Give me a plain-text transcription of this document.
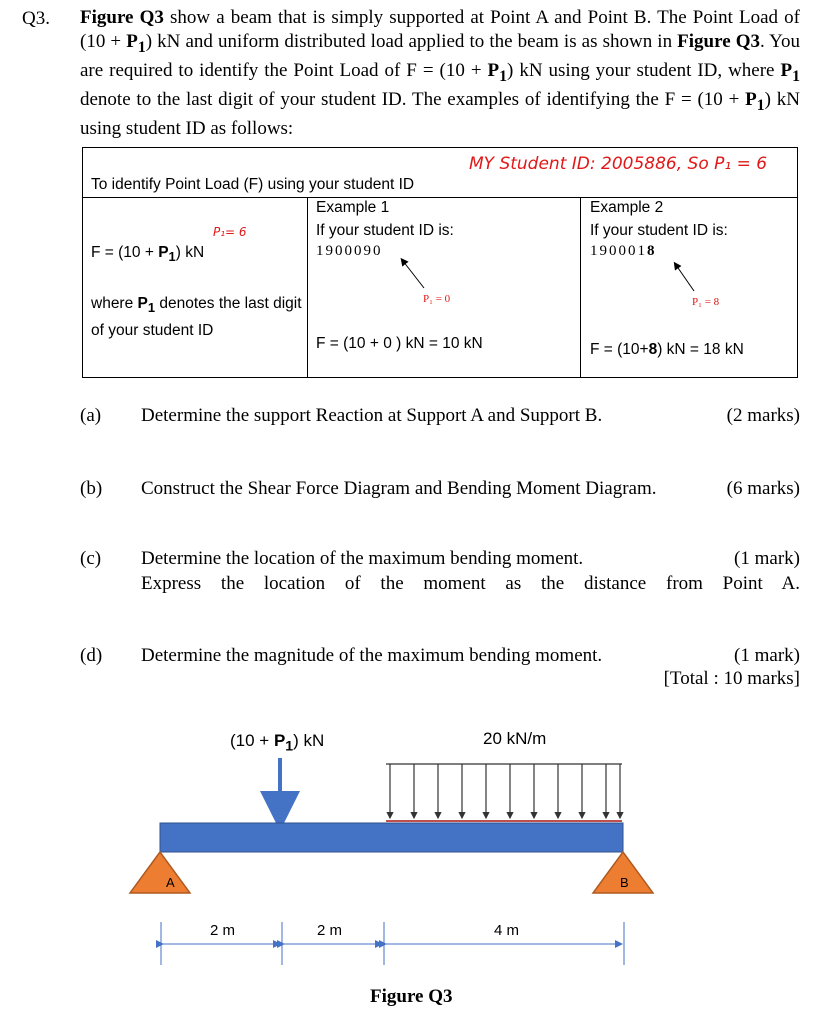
Q3. Figure Q3 show a beam that is simply supported at Point A and Point B. The Point Load of $(10 + P_1)$ kN and uniform distributed load applied to the beam is as shown in Figure Q3. You are required to identify the Point Load of $F = (10 + P_1)$ kN using your student ID, where $P_1$ denote to the last digit of your student ID. The examples of identifying the $F = (10 + P_1)$ kN using student ID as follows:
To identify Point Load (F) using your student ID
MY Student ID: 2005886, So P₁ = 6
P₁= 6
$F = (10 + P_1)$ kN
where $P_1$ denotes the last digit of your student ID
Example 1
If your student ID is:
1900090
P₁ = 0
F = (10 + 0 ) kN = 10 kN
Example 2
If your student ID is:
1900018
P₁ = 8
F = (10+8) kN = 18 kN
(a) Determine the support Reaction at Support A and Support B.	(2 marks)
(b) Construct the Shear Force Diagram and Bending Moment Diagram.	(6 marks)
(c) Determine the location of the maximum bending moment.	(1 mark)
Express the location of the moment as the distance from Point A.
(d) Determine the magnitude of the maximum bending moment.	(1 mark)
[Total : 10 marks]
$(10 + P_1)$ kN	20 kN/m
A	B
2 m	2 m	4 m
Figure Q3
